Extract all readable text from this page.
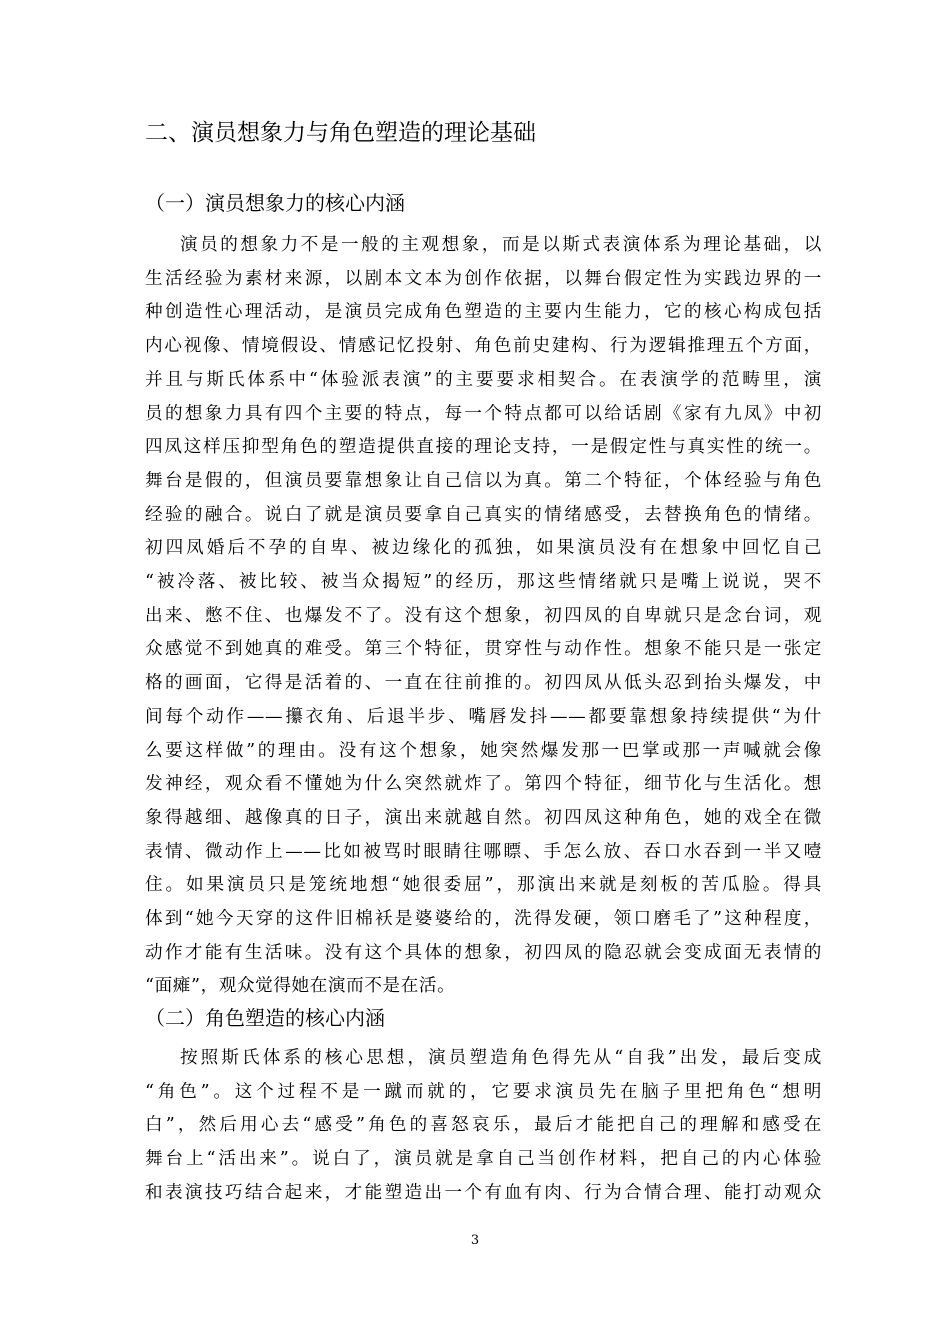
二、演员想象力与角色塑造的理论基础
（一）演员想象力的核心内涵
演员的想象力不是一般的主观想象，而是以斯式表演体系为理论基础，以
生活经验为素材来源，以剧本文本为创作依据，以舞台假定性为实践边界的一
种创造性心理活动，是演员完成角色塑造的主要内生能力，它的核心构成包括
内心视像、情境假设、情感记忆投射、角色前史建构、行为逻辑推理五个方面，
并且与斯氏体系中“体验派表演”的主要要求相契合。在表演学的范畴里，演
员的想象力具有四个主要的特点，每一个特点都可以给话剧《家有九凤》中初
四凤这样压抑型角色的塑造提供直接的理论支持，一是假定性与真实性的统一。
舞台是假的，但演员要靠想象让自己信以为真。第二个特征，个体经验与角色
经验的融合。说白了就是演员要拿自己真实的情绪感受，去替换角色的情绪。
初四凤婚后不孕的自卑、被边缘化的孤独，如果演员没有在想象中回忆自己
“被冷落、被比较、被当众揭短”的经历，那这些情绪就只是嘴上说说，哭不
出来、憋不住、也爆发不了。没有这个想象，初四凤的自卑就只是念台词，观
众感觉不到她真的难受。第三个特征，贯穿性与动作性。想象不能只是一张定
格的画面，它得是活着的、一直在往前推的。初四凤从低头忍到抬头爆发，中
间每个动作——攥衣角、后退半步、嘴唇发抖——都要靠想象持续提供“为什
么要这样做”的理由。没有这个想象，她突然爆发那一巴掌或那一声喊就会像
发神经，观众看不懂她为什么突然就炸了。第四个特征，细节化与生活化。想
象得越细、越像真的日子，演出来就越自然。初四凤这种角色，她的戏全在微
表情、微动作上——比如被骂时眼睛往哪瞟、手怎么放、吞口水吞到一半又噎
住。如果演员只是笼统地想“她很委屈”，那演出来就是刻板的苦瓜脸。得具
体到“她今天穿的这件旧棉袄是婆婆给的，洗得发硬，领口磨毛了”这种程度，
动作才能有生活味。没有这个具体的想象，初四凤的隐忍就会变成面无表情的
“面瘫”，观众觉得她在演而不是在活。
（二）角色塑造的核心内涵
按照斯氏体系的核心思想，演员塑造角色得先从“自我”出发，最后变成
“角色”。这个过程不是一蹴而就的，它要求演员先在脑子里把角色“想明
白”，然后用心去“感受”角色的喜怒哀乐，最后才能把自己的理解和感受在
舞台上“活出来”。说白了，演员就是拿自己当创作材料，把自己的内心体验
和表演技巧结合起来，才能塑造出一个有血有肉、行为合情合理、能打动观众
3
